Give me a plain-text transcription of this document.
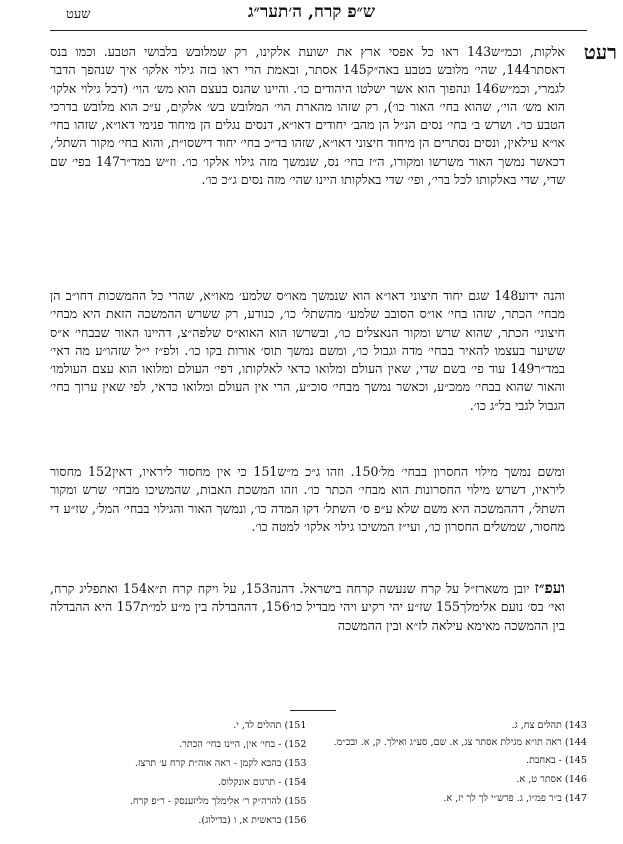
ש״פ קרח, ה׳תער״ג
שעט
רעט
אלקות, וכמ״ש143 ראו כל אפסי ארץ את ישועת אלקינו, רק שמלובש בלבושי הטבע. וכמו בנס דאסתר144, שהי׳ מלובש בטבע באה״ק145 אסתר, ובאמת הרי ראו בזה גילוי אלקו׳ איך שנהפך הדבר לגמרי, וכמ״ש146 ונהפוך הוא אשר ישלטו היהודים כו׳. והיינו שהנס בעצם הוא מש׳ הוי׳ (דכל גילוי אלקו׳ הוא מש׳ הוי׳, שהוא בחי׳ האור כו׳), רק שזהו מהארת הוי׳ המלובש בש׳ אלקים, ע״כ הוא מלובש בדרכי הטבע כו׳. ושרש ב׳ בחי׳ נסים הנ״ל הן מהב׳ יחודים דאו״א, דנסים נגלים הן מיחוד פנימי דאו״א, שזהו בחי׳ או״א עילאין, ונסים נסתרים הן מיחוד חיצוני דאו״א, שזהו בד״כ בחי׳ יחוד דישסו״ת, והוא בחי׳ מקור השתל׳, דכאשר נמשך האור משרשו ומקורו, ה״ז בחי׳ נס, שנמשך מזה גילוי אלקו׳ כו׳. וז״ש במד״ר147 בפי׳ שם שדי, שדי באלקותו לכל ברי׳, ופי׳ שדי באלקותו היינו שהי׳ מזה נסים ג״כ כו׳.
והנה ידוע148 שגם יחוד חיצוני דאו״א הוא שנמשך מאו״ס שלמע׳ מאו״א, שהרי כל ההמשכות דחו״ב הן מבחי׳ הכתר, שזהו בחי׳ או״ס הסובב שלמע׳ מהשתל׳ כו׳, כנודע, רק ששרש ההמשכה הזאת היא מבחי׳ חיצוני׳ הכתר, שהוא שרש ומקור הנאצלים כו׳, ובשרשו הוא האוא״ס שלפה״צ, דהיינו האור שבבחי׳ א״ס ששיער בעצמו להאיר בבחי׳ מדה וגבול כו׳, ומשם נמשך תוס׳ אורות בקו כו׳. ולפ״ז י״ל שזהו״ע מה דאי׳ במד״ר149 עוד פי׳ בשם שדי, שאין העולם ומלואו כדאי לאלקותו, דפי׳ העולם ומלואו הוא עצם העולמו׳ והאור שהוא בבחי׳ ממכ״ע, וכאשר נמשך מבחי׳ סוכ״ע, הרי אין העולם ומלואו כדאי, לפי שאין ערוך בחי׳ הגבול לגבי בל״ג כו׳.
ומשם נמשך מילוי החסרון בבחי׳ מל׳150. וזהו ג״כ מ״ש151 כי אין מחסור ליראיו, דאין152 מחסור ליראיו, דשרש מילוי החסרונות הוא מבחי׳ הכתר כו׳. וזהו המשכת האבות, שהמשיכו מבחי׳ שרש ומקור השתל׳, דההמשכה היא משם שלא ע״פ ס׳ השתל׳ דקו המדה כו׳, ונמשך האור והגילוי בבחי׳ המל׳, שז״ע די מחסור, שמשלים החסרון כו׳, ועי״ז המשיכו גילוי אלקו׳ למטה כו׳.
ועפ״ז יובן משארז״ל על קרח שנעשה קרחה בישראל. דהנה153, על ויקח קרח ת״א154 ואתפליג קרח, ואי׳ בס׳ נועם אלימלך155 שז״ע יהי רקיע ויהי מבדיל כו׳156, דההבדלה בין מ״ע למ״ת157 היא ההבדלה בין ההמשכה מאימא עילאה לז״א ובין ההמשכה
143) תהלים צח, ג.
144) ראה תו״א מגילת אסתר צג, א. שם, סע״ג ואילך. ק, א. ובכ״מ.
145) - באחבת.
146) אסתר ט, א.
147) ב״ר פמ״ו, ג. פרש״י לך לך יז, א.
151) תהלים לד, י.
152) - בחי׳ אין, היינו בחי׳ הכתר.
153) בהבא לקמן - ראה אוה״ת קרח ע׳ תרצז.
154) - תרגום אונקלוס.
155) להרה״ק ר׳ אלימלך מליזענסק - ר״פ קרח.
156) בראשית א, ו (בדילוג).
